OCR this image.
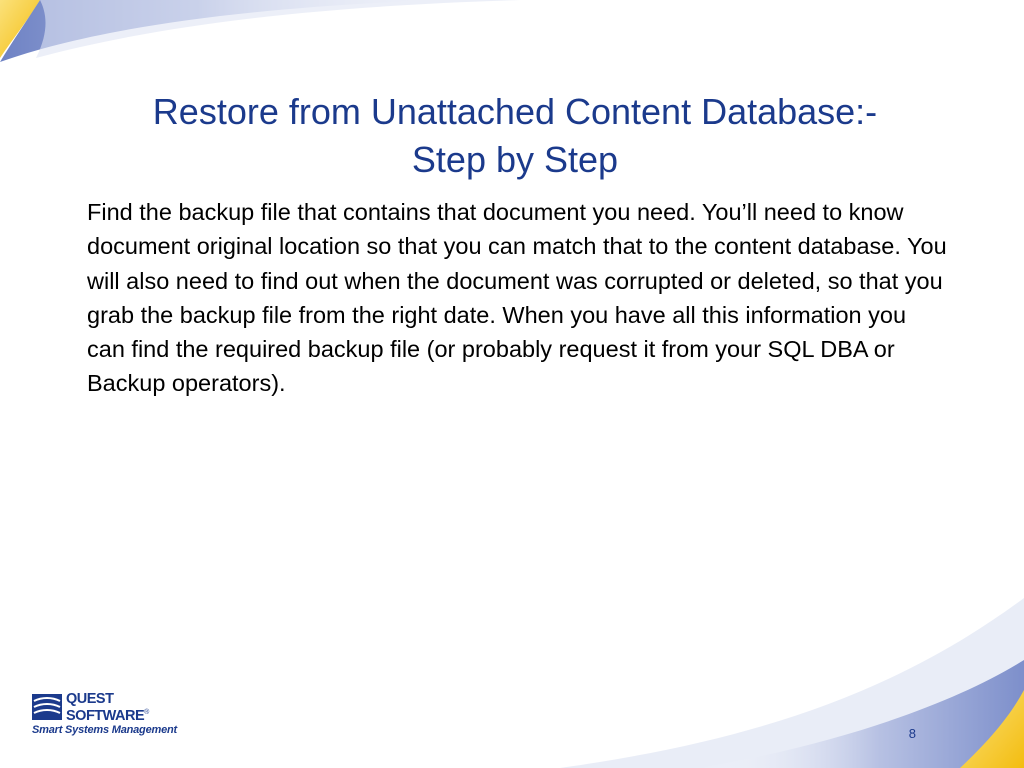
Restore from Unattached Content Database:-
Step by Step

Find the backup file that contains that document you need. You’ll need to know document original location so that you can match that to the content database. You will also need to find out when the document was corrupted or deleted, so that you grab the backup file from the right date. When you have all this information you can find the required backup file (or probably request it from your SQL DBA or Backup operators).

QUEST
SOFTWARE®
Smart Systems Management	8
